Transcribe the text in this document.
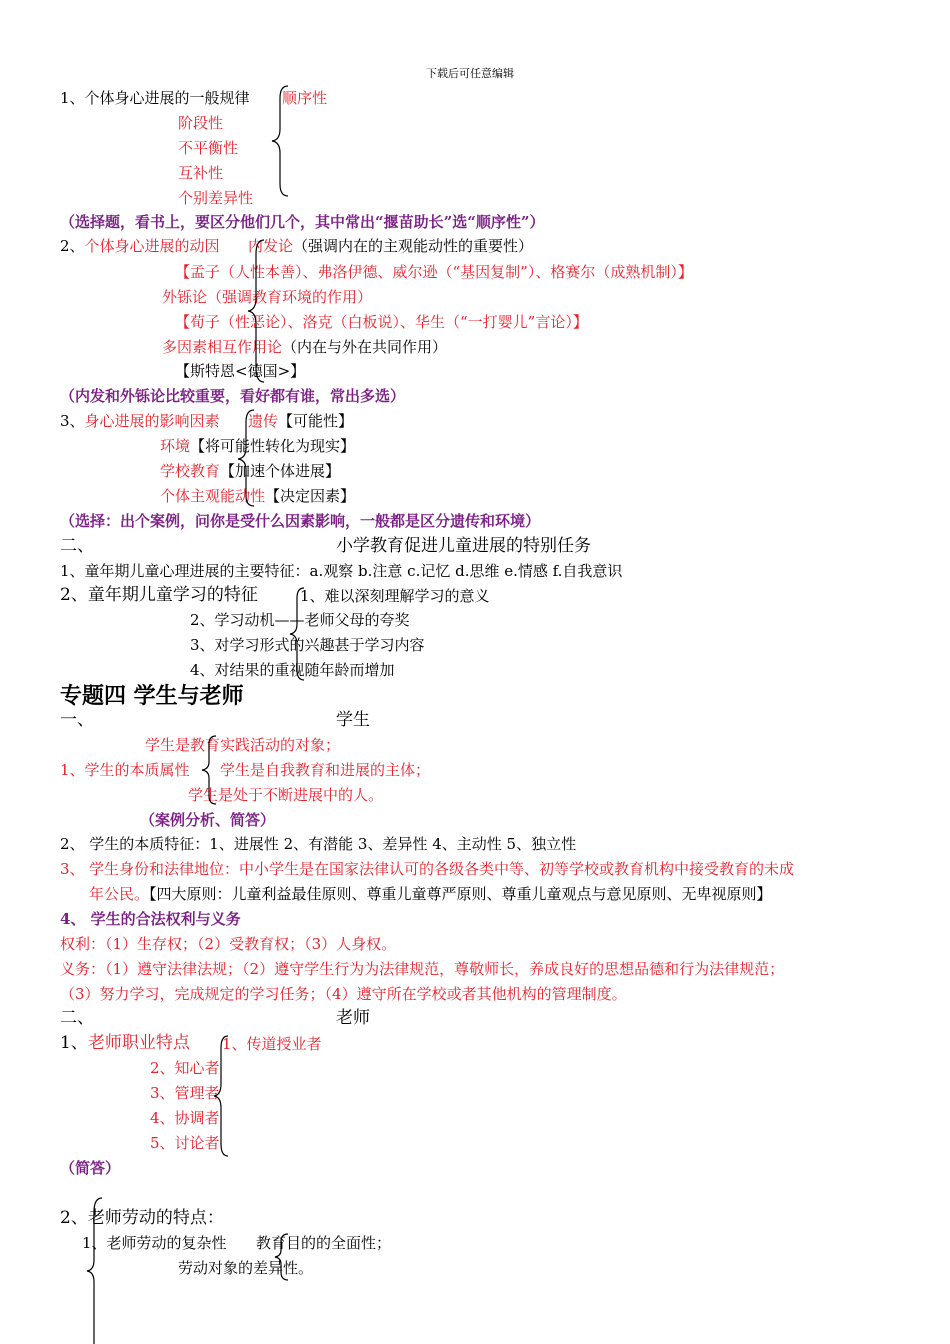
下载后可任意编辑
1、个体身心进展的一般规律 顺序性
阶段性
不平衡性
互补性
个别差异性
（选择题，看书上，要区分他们几个，其中常出“揠苗助长”选“顺序性”）
2、个体身心进展的动因 内发论（强调内在的主观能动性的重要性）
【孟子（人性本善）、弗洛伊德、威尔逊（“基因复制”）、格赛尔（成熟机制）】
外铄论（强调教育环境的作用）
【荀子（性恶论）、洛克（白板说）、华生（“一打婴儿”言论）】
多因素相互作用论（内在与外在共同作用）
【斯特恩<德国>】
（内发和外铄论比较重要，看好都有谁，常出多选）
3、身心进展的影响因素 遗传【可能性】
环境【将可能性转化为现实】
学校教育【加速个体进展】
个体主观能动性【决定因素】
（选择：出个案例，问你是受什么因素影响，一般都是区分遗传和环境）
二、	小学教育促进儿童进展的特别任务
1、童年期儿童心理进展的主要特征：a.观察 b.注意 c.记忆 d.思维 e.情感 f.自我意识
2、童年期儿童学习的特征	1、难以深刻理解学习的意义
2、学习动机——老师父母的夸奖
3、对学习形式的兴趣甚于学习内容
4、对结果的重视随年龄而增加
专题四 学生与老师
一、	学生
学生是教育实践活动的对象；
1、学生的本质属性 学生是自我教育和进展的主体；
学生是处于不断进展中的人。
（案例分析、简答）
2、 学生的本质特征：1、进展性 2、有潜能 3、差异性 4、主动性 5、独立性
3、 学生身份和法律地位：中小学生是在国家法律认可的各级各类中等、初等学校或教育机构中接受教育的未成
年公民。【四大原则：儿童利益最佳原则、尊重儿童尊严原则、尊重儿童观点与意见原则、无卑视原则】
4、 学生的合法权利与义务
权利：（1）生存权；（2）受教育权；（3）人身权。
义务：（1）遵守法律法规；（2）遵守学生行为为法律规范，尊敬师长，养成良好的思想品德和行为法律规范；
（3）努力学习，完成规定的学习任务；（4）遵守所在学校或者其他机构的管理制度。
二、	老师
1、老师职业特点 1、传道授业者
2、知心者
3、管理者
4、协调者
5、讨论者
（简答）
2、老师劳动的特点：
1、老师劳动的复杂性 教育目的的全面性；
劳动对象的差异性。
